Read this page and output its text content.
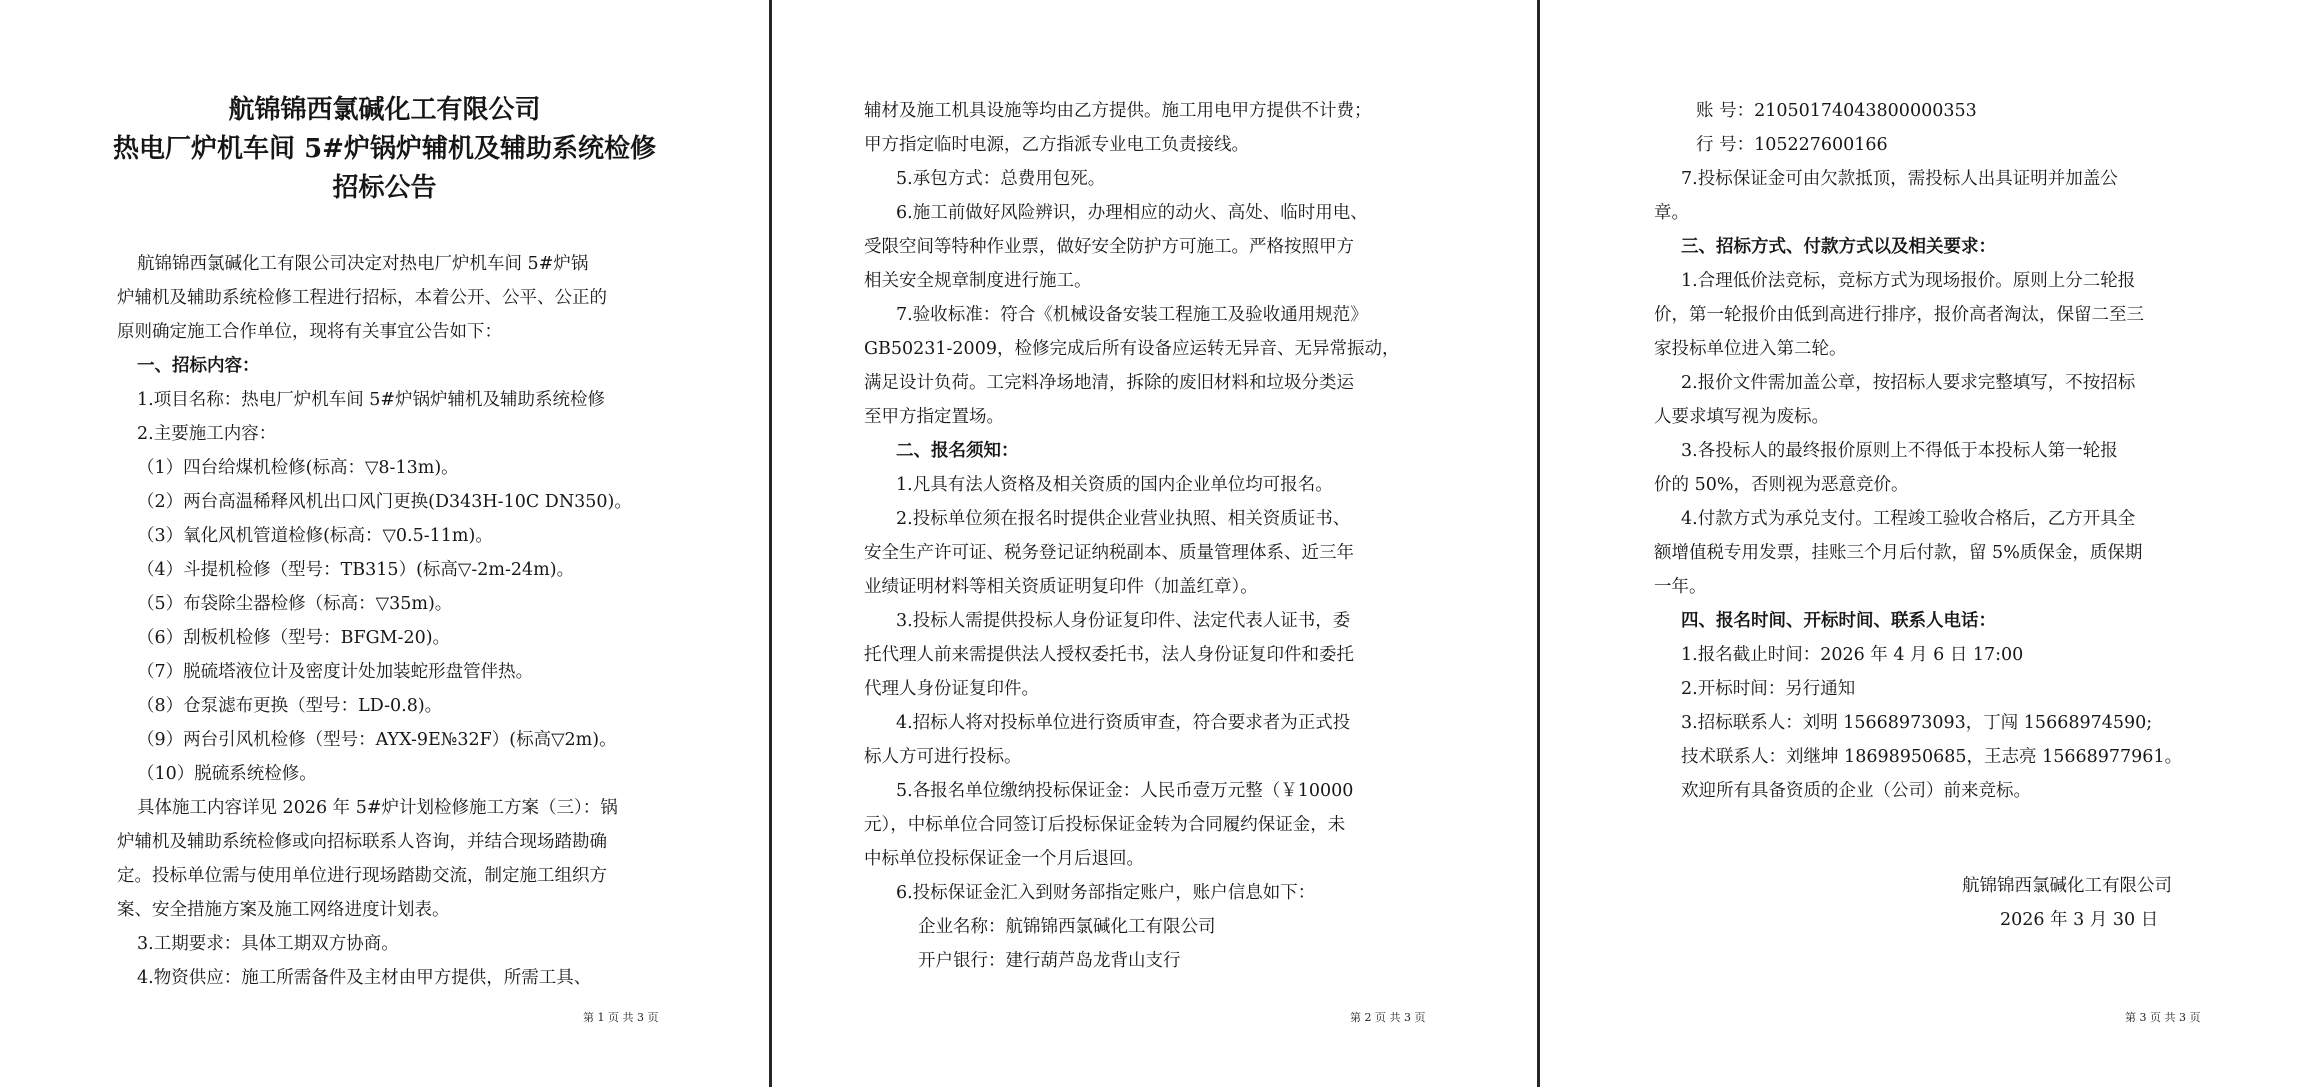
航锦锦西氯碱化工有限公司
热电厂炉机车间 5#炉锅炉辅机及辅助系统检修
招标公告

航锦锦西氯碱化工有限公司决定对热电厂炉机车间 5#炉锅

炉辅机及辅助系统检修工程进行招标，本着公开、公平、公正的

原则确定施工合作单位，现将有关事宜公告如下：

一、招标内容：

1.项目名称：热电厂炉机车间 5#炉锅炉辅机及辅助系统检修

2.主要施工内容：

（1）四台给煤机检修(标高：▽8-13m)。

（2）两台高温稀释风机出口风门更换(D343H-10C DN350)。

（3）氧化风机管道检修(标高：▽0.5-11m)。

（4）斗提机检修（型号：TB315）(标高▽-2m-24m)。

（5）布袋除尘器检修（标高：▽35m)。

（6）刮板机检修（型号：BFGM-20)。

（7）脱硫塔液位计及密度计处加装蛇形盘管伴热。

（8）仓泵滤布更换（型号：LD-0.8)。

（9）两台引风机检修（型号：AYX-9E№32F）(标高▽2m)。

（10）脱硫系统检修。

具体施工内容详见 2026 年 5#炉计划检修施工方案（三）：锅

炉辅机及辅助系统检修或向招标联系人咨询，并结合现场踏勘确

定。投标单位需与使用单位进行现场踏勘交流，制定施工组织方

案、安全措施方案及施工网络进度计划表。

3.工期要求：具体工期双方协商。

4.物资供应：施工所需备件及主材由甲方提供，所需工具、

第 1 页 共 3 页

辅材及施工机具设施等均由乙方提供。施工用电甲方提供不计费；

甲方指定临时电源，乙方指派专业电工负责接线。

5.承包方式：总费用包死。

6.施工前做好风险辨识，办理相应的动火、高处、临时用电、

受限空间等特种作业票，做好安全防护方可施工。严格按照甲方

相关安全规章制度进行施工。

7.验收标准：符合《机械设备安装工程施工及验收通用规范》

GB50231-2009，检修完成后所有设备应运转无异音、无异常振动，

满足设计负荷。工完料净场地清，拆除的废旧材料和垃圾分类运

至甲方指定置场。

二、报名须知：

1.凡具有法人资格及相关资质的国内企业单位均可报名。

2.投标单位须在报名时提供企业营业执照、相关资质证书、

安全生产许可证、税务登记证纳税副本、质量管理体系、近三年

业绩证明材料等相关资质证明复印件（加盖红章）。

3.投标人需提供投标人身份证复印件、法定代表人证书，委

托代理人前来需提供法人授权委托书，法人身份证复印件和委托

代理人身份证复印件。

4.招标人将对投标单位进行资质审查，符合要求者为正式投

标人方可进行投标。

5.各报名单位缴纳投标保证金：人民币壹万元整（￥10000

元），中标单位合同签订后投标保证金转为合同履约保证金，未

中标单位投标保证金一个月后退回。

6.投标保证金汇入到财务部指定账户，账户信息如下：

企业名称：航锦锦西氯碱化工有限公司

开户银行：建行葫芦岛龙背山支行

第 2 页 共 3 页

账 号：21050174043800000353

行 号：105227600166

7.投标保证金可由欠款抵顶，需投标人出具证明并加盖公

章。

三、招标方式、付款方式以及相关要求：

1.合理低价法竞标，竞标方式为现场报价。原则上分二轮报

价，第一轮报价由低到高进行排序，报价高者淘汰，保留二至三

家投标单位进入第二轮。

2.报价文件需加盖公章，按招标人要求完整填写，不按招标

人要求填写视为废标。

3.各投标人的最终报价原则上不得低于本投标人第一轮报

价的 50%，否则视为恶意竞价。

4.付款方式为承兑支付。工程竣工验收合格后，乙方开具全

额增值税专用发票，挂账三个月后付款，留 5%质保金，质保期

一年。

四、报名时间、开标时间、联系人电话：

1.报名截止时间：2026 年 4 月 6 日 17:00

2.开标时间：另行通知

3.招标联系人：刘明 15668973093，丁闯 15668974590;

技术联系人：刘继坤 18698950685，王志亮 15668977961。

欢迎所有具备资质的企业（公司）前来竞标。

航锦锦西氯碱化工有限公司

2026 年 3 月 30 日

第 3 页 共 3 页
